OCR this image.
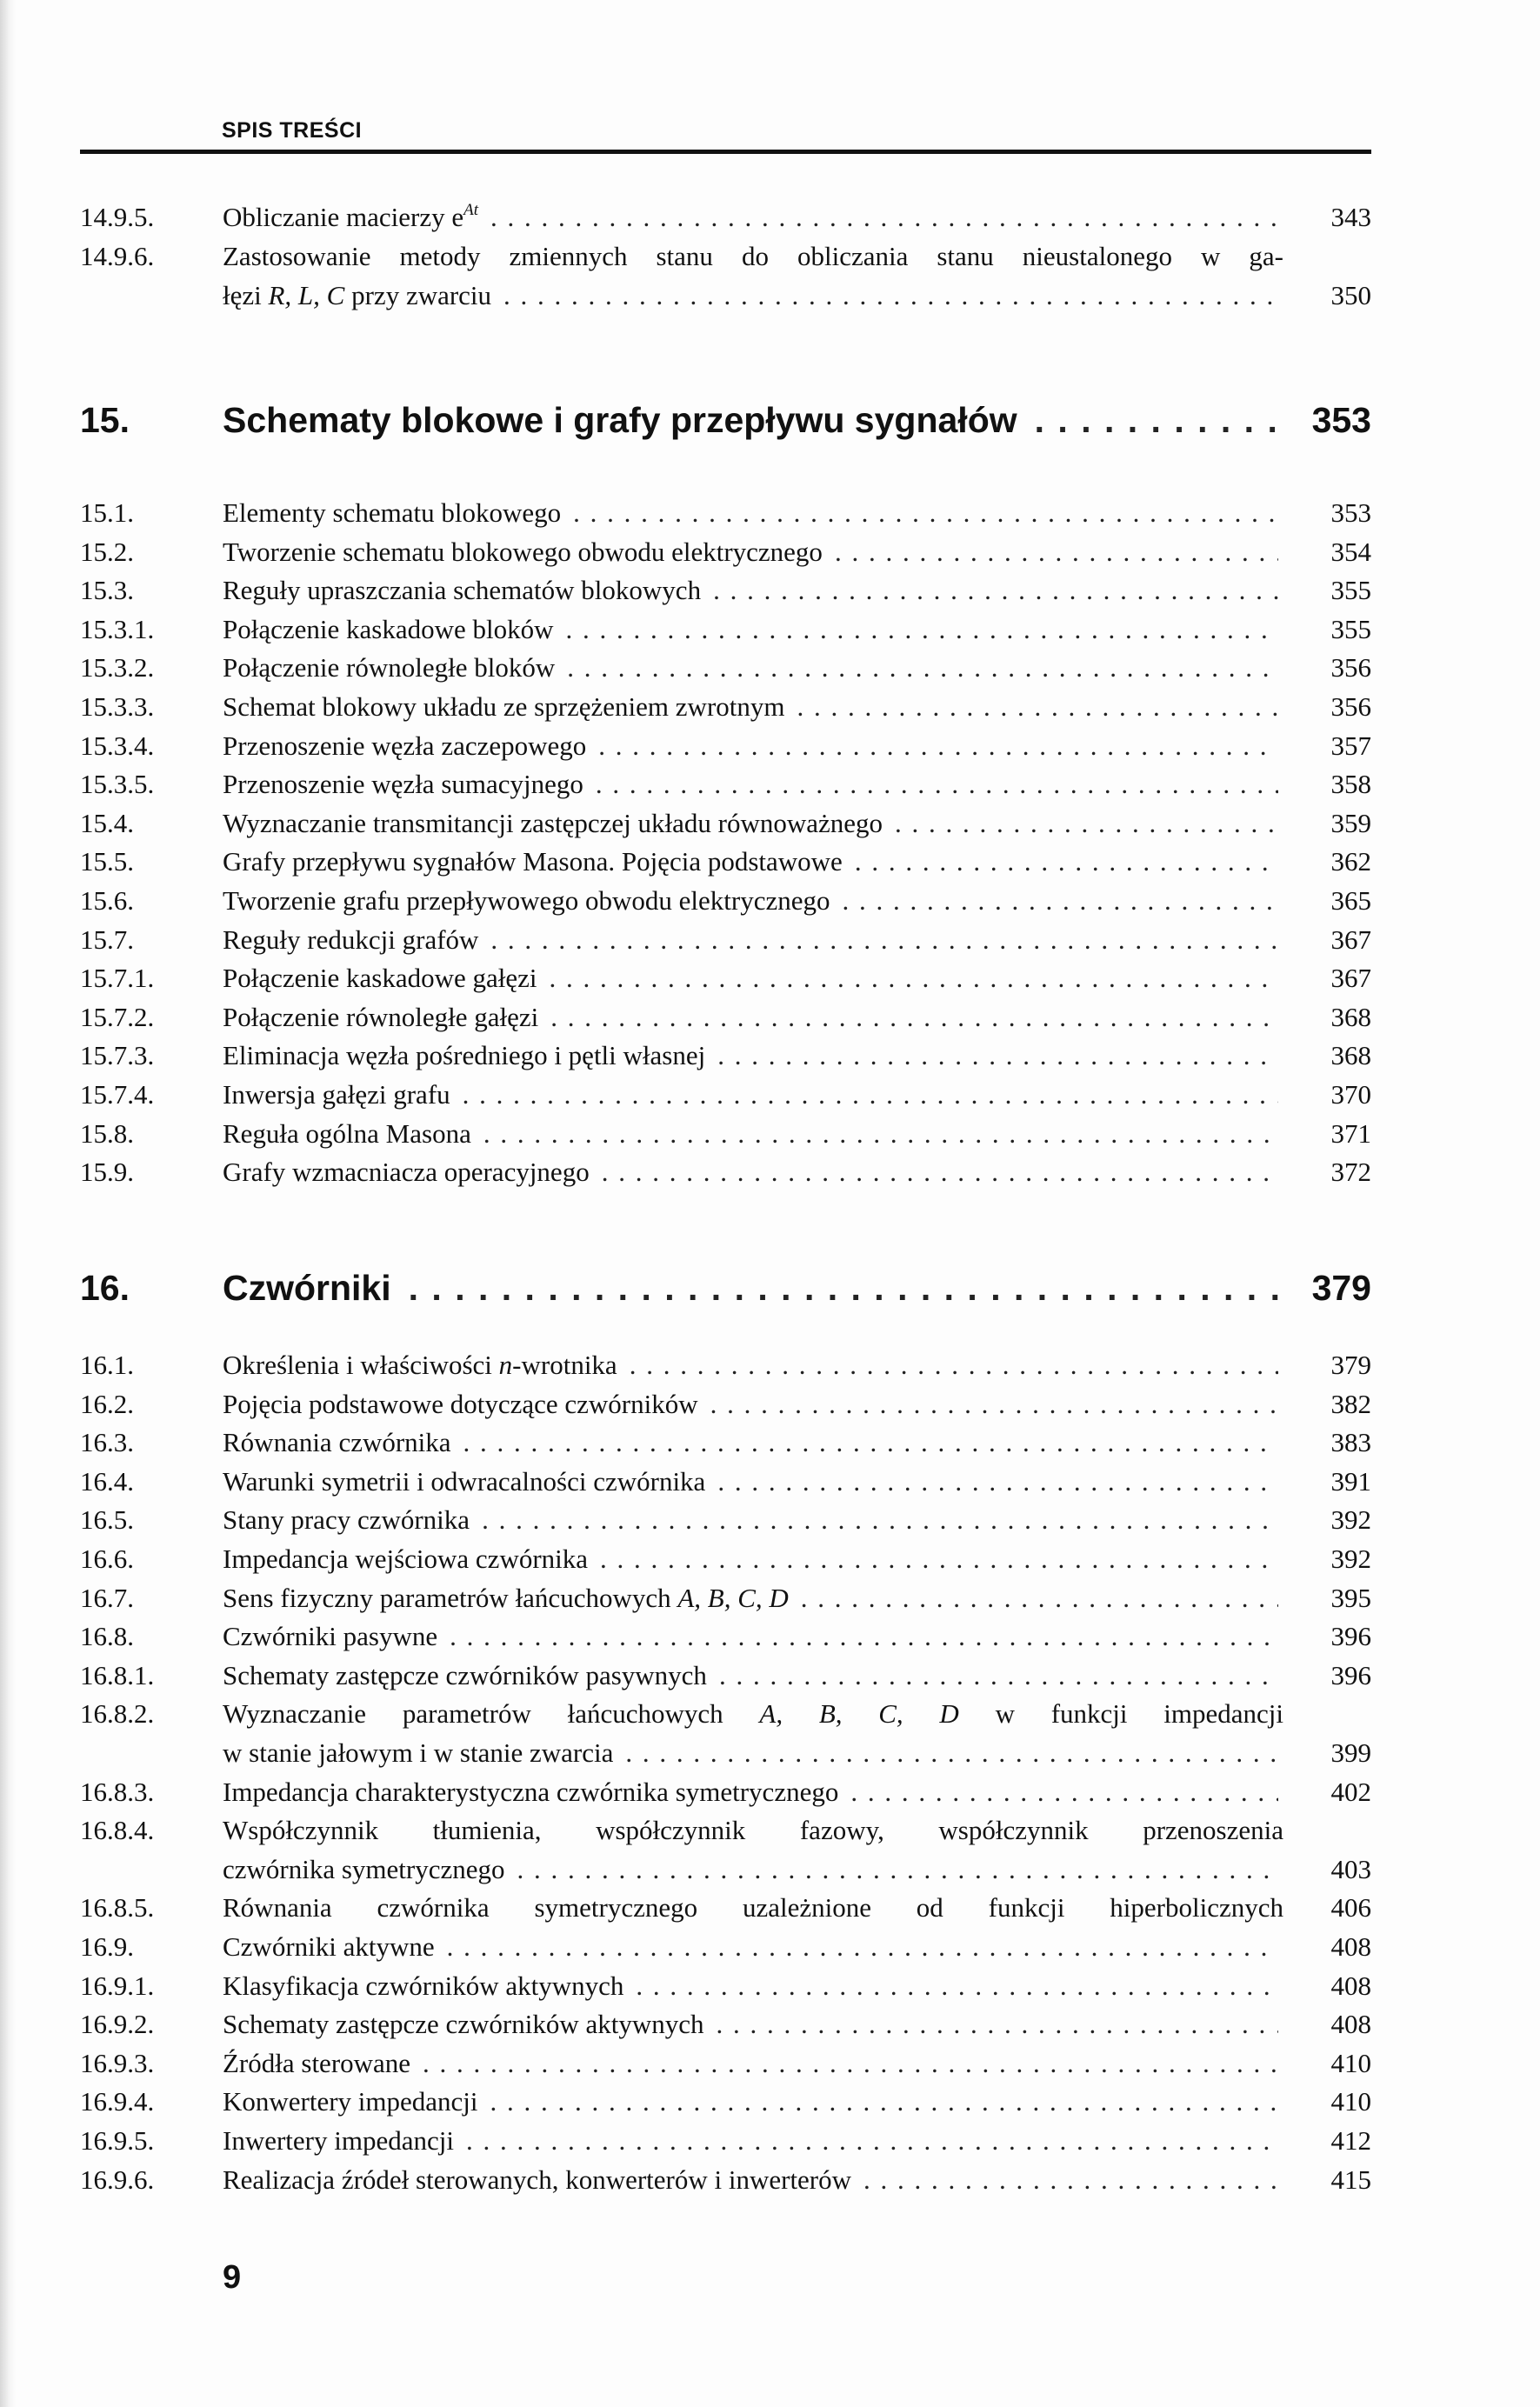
SPIS TREŚCI
14.9.5.	Obliczanie macierzy $e^{At}$ . . .	343
14.9.6.	Zastosowanie metody zmiennych stanu do obliczania stanu nieustalonego w ga-
łęzi R, L, C przy zwarciu . . .	350
15.	Schematy blokowe i grafy przepływu sygnałów . . .	353
15.1.	Elementy schematu blokowego . . .	353
15.2.	Tworzenie schematu blokowego obwodu elektrycznego . . .	354
15.3.	Reguły upraszczania schematów blokowych . . .	355
15.3.1.	Połączenie kaskadowe bloków . . .	355
15.3.2.	Połączenie równoległe bloków . . .	356
15.3.3.	Schemat blokowy układu ze sprzężeniem zwrotnym . . .	356
15.3.4.	Przenoszenie węzła zaczepowego . . .	357
15.3.5.	Przenoszenie węzła sumacyjnego . . .	358
15.4.	Wyznaczanie transmitancji zastępczej układu równoważnego . . .	359
15.5.	Grafy przepływu sygnałów Masona. Pojęcia podstawowe . . .	362
15.6.	Tworzenie grafu przepływowego obwodu elektrycznego . . .	365
15.7.	Reguły redukcji grafów . . .	367
15.7.1.	Połączenie kaskadowe gałęzi . . .	367
15.7.2.	Połączenie równoległe gałęzi . . .	368
15.7.3.	Eliminacja węzła pośredniego i pętli własnej . . .	368
15.7.4.	Inwersja gałęzi grafu . . .	370
15.8.	Reguła ogólna Masona . . .	371
15.9.	Grafy wzmacniacza operacyjnego . . .	372
16.	Czwórniki . . .	379
16.1.	Określenia i właściwości n-wrotnika . . .	379
16.2.	Pojęcia podstawowe dotyczące czwórników . . .	382
16.3.	Równania czwórnika . . .	383
16.4.	Warunki symetrii i odwracalności czwórnika . . .	391
16.5.	Stany pracy czwórnika . . .	392
16.6.	Impedancja wejściowa czwórnika . . .	392
16.7.	Sens fizyczny parametrów łańcuchowych A, B, C, D . . .	395
16.8.	Czwórniki pasywne . . .	396
16.8.1.	Schematy zastępcze czwórników pasywnych . . .	396
16.8.2.	Wyznaczanie parametrów łańcuchowych A, B, C, D w funkcji impedancji
w stanie jałowym i w stanie zwarcia . . .	399
16.8.3.	Impedancja charakterystyczna czwórnika symetrycznego . . .	402
16.8.4.	Współczynnik tłumienia, współczynnik fazowy, współczynnik przenoszenia
czwórnika symetrycznego . . .	403
16.8.5.	Równania czwórnika symetrycznego uzależnione od funkcji hiperbolicznych	406
16.9.	Czwórniki aktywne . . .	408
16.9.1.	Klasyfikacja czwórników aktywnych . . .	408
16.9.2.	Schematy zastępcze czwórników aktywnych . . .	408
16.9.3.	Źródła sterowane . . .	410
16.9.4.	Konwertery impedancji . . .	410
16.9.5.	Inwertery impedancji . . .	412
16.9.6.	Realizacja źródeł sterowanych, konwerterów i inwerterów . . .	415
9
